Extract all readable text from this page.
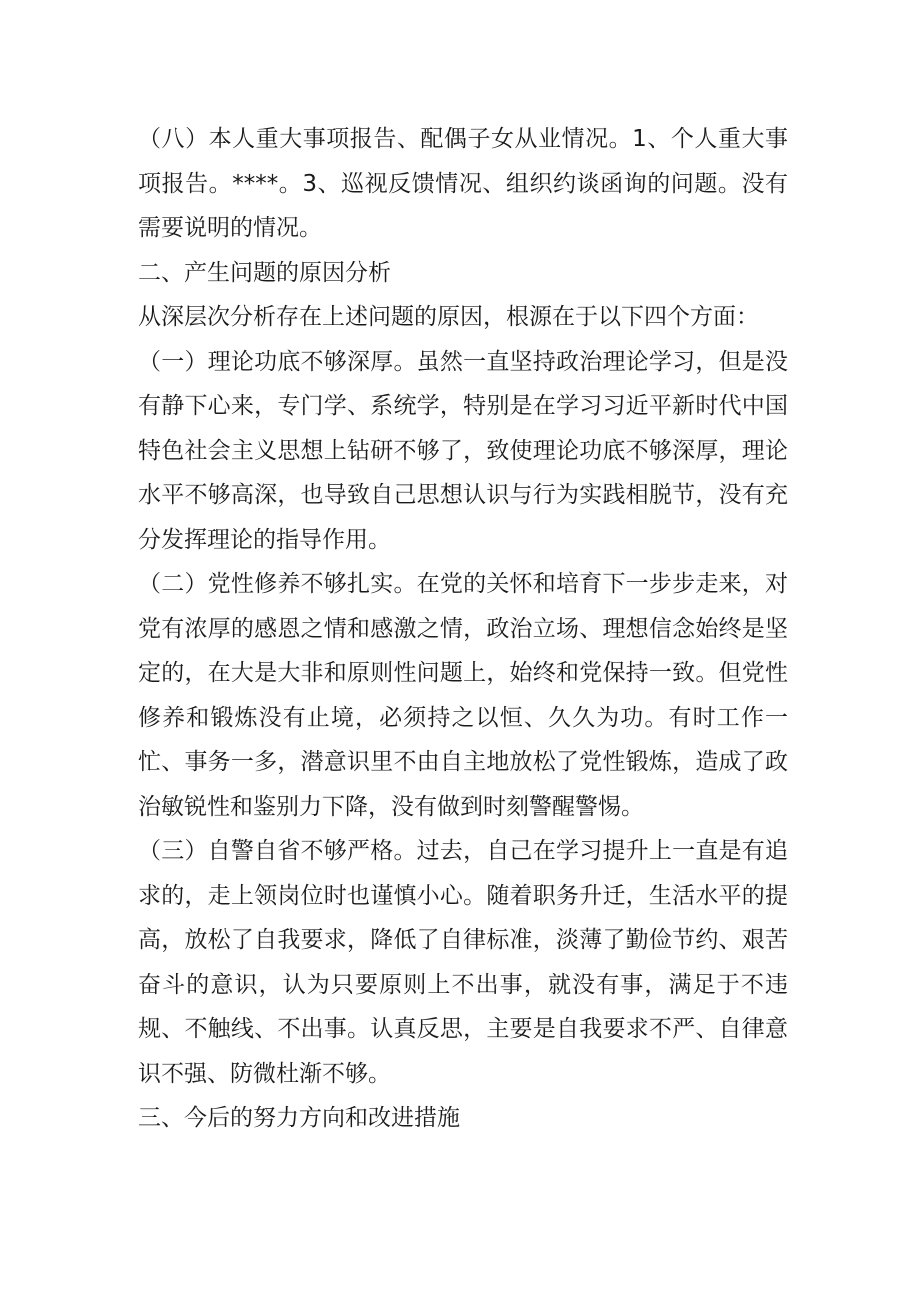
（八）本人重大事项报告、配偶子女从业情况。1、个人重大事项报告。****。3、巡视反馈情况、组织约谈函询的问题。没有需要说明的情况。

二、产生问题的原因分析

从深层次分析存在上述问题的原因，根源在于以下四个方面：

（一）理论功底不够深厚。虽然一直坚持政治理论学习，但是没有静下心来，专门学、系统学，特别是在学习习近平新时代中国特色社会主义思想上钻研不够了，致使理论功底不够深厚，理论水平不够高深，也导致自己思想认识与行为实践相脱节，没有充分发挥理论的指导作用。

（二）党性修养不够扎实。在党的关怀和培育下一步步走来，对党有浓厚的感恩之情和感激之情，政治立场、理想信念始终是坚定的，在大是大非和原则性问题上，始终和党保持一致。但党性修养和锻炼没有止境，必须持之以恒、久久为功。有时工作一忙、事务一多，潜意识里不由自主地放松了党性锻炼，造成了政治敏锐性和鉴别力下降，没有做到时刻警醒警惕。

（三）自警自省不够严格。过去，自己在学习提升上一直是有追求的，走上领岗位时也谨慎小心。随着职务升迁，生活水平的提高，放松了自我要求，降低了自律标准，淡薄了勤俭节约、艰苦奋斗的意识，认为只要原则上不出事，就没有事，满足于不违规、不触线、不出事。认真反思，主要是自我要求不严、自律意识不强、防微杜渐不够。

三、今后的努力方向和改进措施
